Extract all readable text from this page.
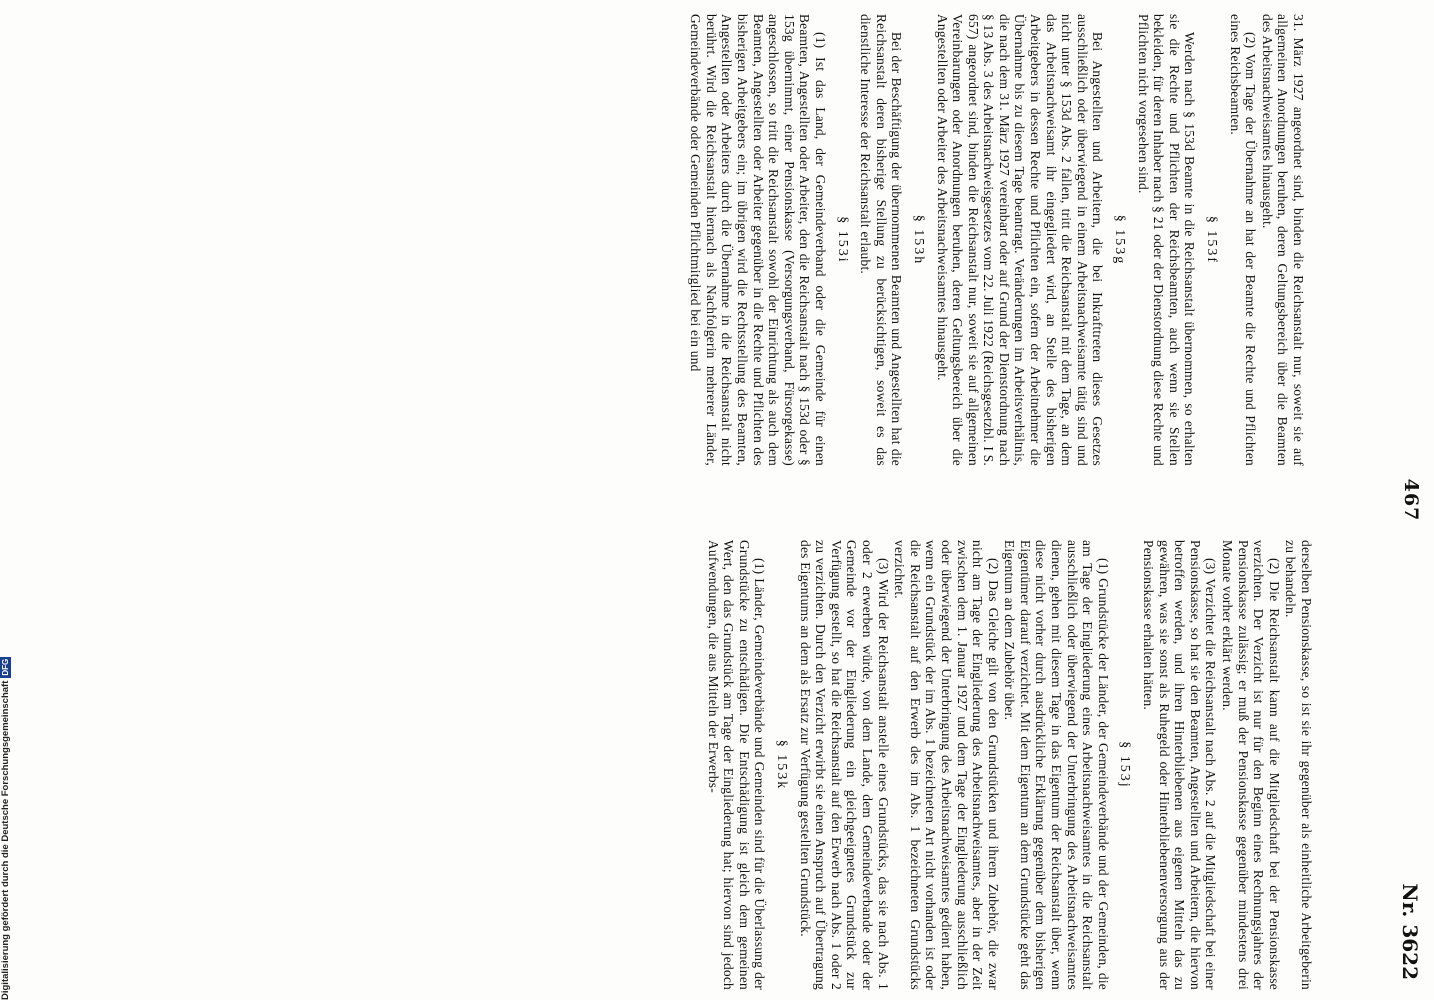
467
Nr. 3622

31. März 1927 angeordnet sind, binden die Reichsanstalt nur, soweit sie auf allgemeinen Anordnungen beruhen, deren Geltungsbereich über die Beamten des Arbeitsnachweisamtes hinausgeht.

(2) Vom Tage der Übernahme an hat der Beamte die Rechte und Pflichten eines Reichsbeamten.

§ 153f

Werden nach § 153d Beamte in die Reichsanstalt übernommen, so erhalten sie die Rechte und Pflichten der Reichsbeamten, auch wenn sie Stellen bekleiden, für deren Inhaber nach § 21 oder der Dienstordnung diese Rechte und Pflichten nicht vorgesehen sind.

§ 153g

Bei Angestellten und Arbeitern, die bei Inkrafttreten dieses Gesetzes ausschließlich oder überwiegend in einem Arbeitsnachweisamte tätig sind und nicht unter § 153d Abs. 2 fallen, tritt die Reichsanstalt mit dem Tage, an dem das Arbeitsnachweisamt ihr eingegliedert wird, an Stelle des bisherigen Arbeitgebers in dessen Rechte und Pflichten ein, sofern der Arbeitnehmer die Übernahme bis zu diesem Tage beantragt. Veränderungen im Arbeitsverhältnis, die nach dem 31. März 1927 vereinbart oder auf Grund der Dienstordnung nach § 13 Abs. 3 des Arbeitsnachweisgesetzes vom 22. Juli 1922 (Reichsgesetzbl. I S. 657) angeordnet sind, binden die Reichsanstalt nur, soweit sie auf allgemeinen Vereinbarungen oder Anordnungen beruhen, deren Geltungsbereich über die Angestellten oder Arbeiter des Arbeitsnachweisamtes hinausgeht.

§ 153h

Bei der Beschäftigung der übernommenen Beamten und Angestellten hat die Reichsanstalt deren bisherige Stellung zu berücksichtigen, soweit es das dienstliche Interesse der Reichsanstalt erlaubt.

§ 153i

(1) Ist das Land, der Gemeindeverband oder die Gemeinde für einen Beamten, Angestellten oder Arbeiter, den die Reichsanstalt nach § 153d oder § 153g übernimmt, einer Pensionskasse (Versorgungsverband, Fürsorgekasse) angeschlossen, so tritt die Reichsanstalt sowohl der Einrichtung als auch dem Beamten, Angestellten oder Arbeiter gegenüber in die Rechte und Pflichten des bisherigen Arbeitgebers ein; im übrigen wird die Rechtsstellung des Beamten, Angestellten oder Arbeiters durch die Übernahme in die Reichsanstalt nicht berührt. Wird die Reichsanstalt hiernach als Nachfolgerin mehrerer Länder, Gemeindeverbände oder Gemeinden Pflichtmitglied bei ein und

derselben Pensionskasse, so ist sie ihr gegenüber als einheitliche Arbeitgeberin zu behandeln.

(2) Die Reichsanstalt kann auf die Mitgliedschaft bei der Pensionskasse verzichten. Der Verzicht ist nur für den Beginn eines Rechnungsjahres der Pensionskasse zulässig; er muß der Pensionskasse gegenüber mindestens drei Monate vorher erklärt werden.

(3) Verzichtet die Reichsanstalt nach Abs. 2 auf die Mitgliedschaft bei einer Pensionskasse, so hat sie den Beamten, Angestellten und Arbeitern, die hiervon betroffen werden, und ihren Hinterbliebenen aus eigenen Mitteln das zu gewähren, was sie sonst als Ruhegeld oder Hinterbliebenenversorgung aus der Pensionskasse erhalten hätten.

§ 153j

(1) Grundstücke der Länder, der Gemeindeverbände und der Gemeinden, die am Tage der Eingliederung eines Arbeitsnachweisamtes in die Reichsanstalt ausschließlich oder überwiegend der Unterbringung des Arbeitsnachweisamtes dienen, gehen mit diesem Tage in das Eigentum der Reichsanstalt über, wenn diese nicht vorher durch ausdrückliche Erklärung gegenüber dem bisherigen Eigentümer darauf verzichtet. Mit dem Eigentum an dem Grundstücke geht das Eigentum an dem Zubehör über.

(2) Das Gleiche gilt von den Grundstücken und ihrem Zubehör, die zwar nicht am Tage der Eingliederung des Arbeitsnachweisamtes, aber in der Zeit zwischen dem 1. Januar 1927 und dem Tage der Eingliederung ausschließlich oder überwiegend der Unterbringung des Arbeitsnachweisamtes gedient haben, wenn ein Grundstück der im Abs. 1 bezeichneten Art nicht vorhanden ist oder die Reichsanstalt auf den Erwerb des im Abs. 1 bezeichneten Grundstücks verzichtet.

(3) Wird der Reichsanstalt anstelle eines Grundstücks, das sie nach Abs. 1 oder 2 erwerben würde, von dem Lande, dem Gemeindeverbande oder der Gemeinde vor der Eingliederung ein gleichgeeignetes Grundstück zur Verfügung gestellt, so hat die Reichsanstalt auf den Erwerb nach Abs. 1 oder 2 zu verzichten. Durch den Verzicht erwirbt sie einen Anspruch auf Übertragung des Eigentums an dem als Ersatz zur Verfügung gestellten Grundstück.

§ 153k

(1) Länder, Gemeindeverbände und Gemeinden sind für die Überlassung der Grundstücke zu entschädigen. Die Entschädigung ist gleich dem gemeinen Wert, den das Grundstück am Tage der Eingliederung hat; hiervon sind jedoch Aufwendungen, die aus Mitteln der Erwerbs-

Digitalisierung gefördert durch die Deutsche ForschungsgemeinschaftDFG
